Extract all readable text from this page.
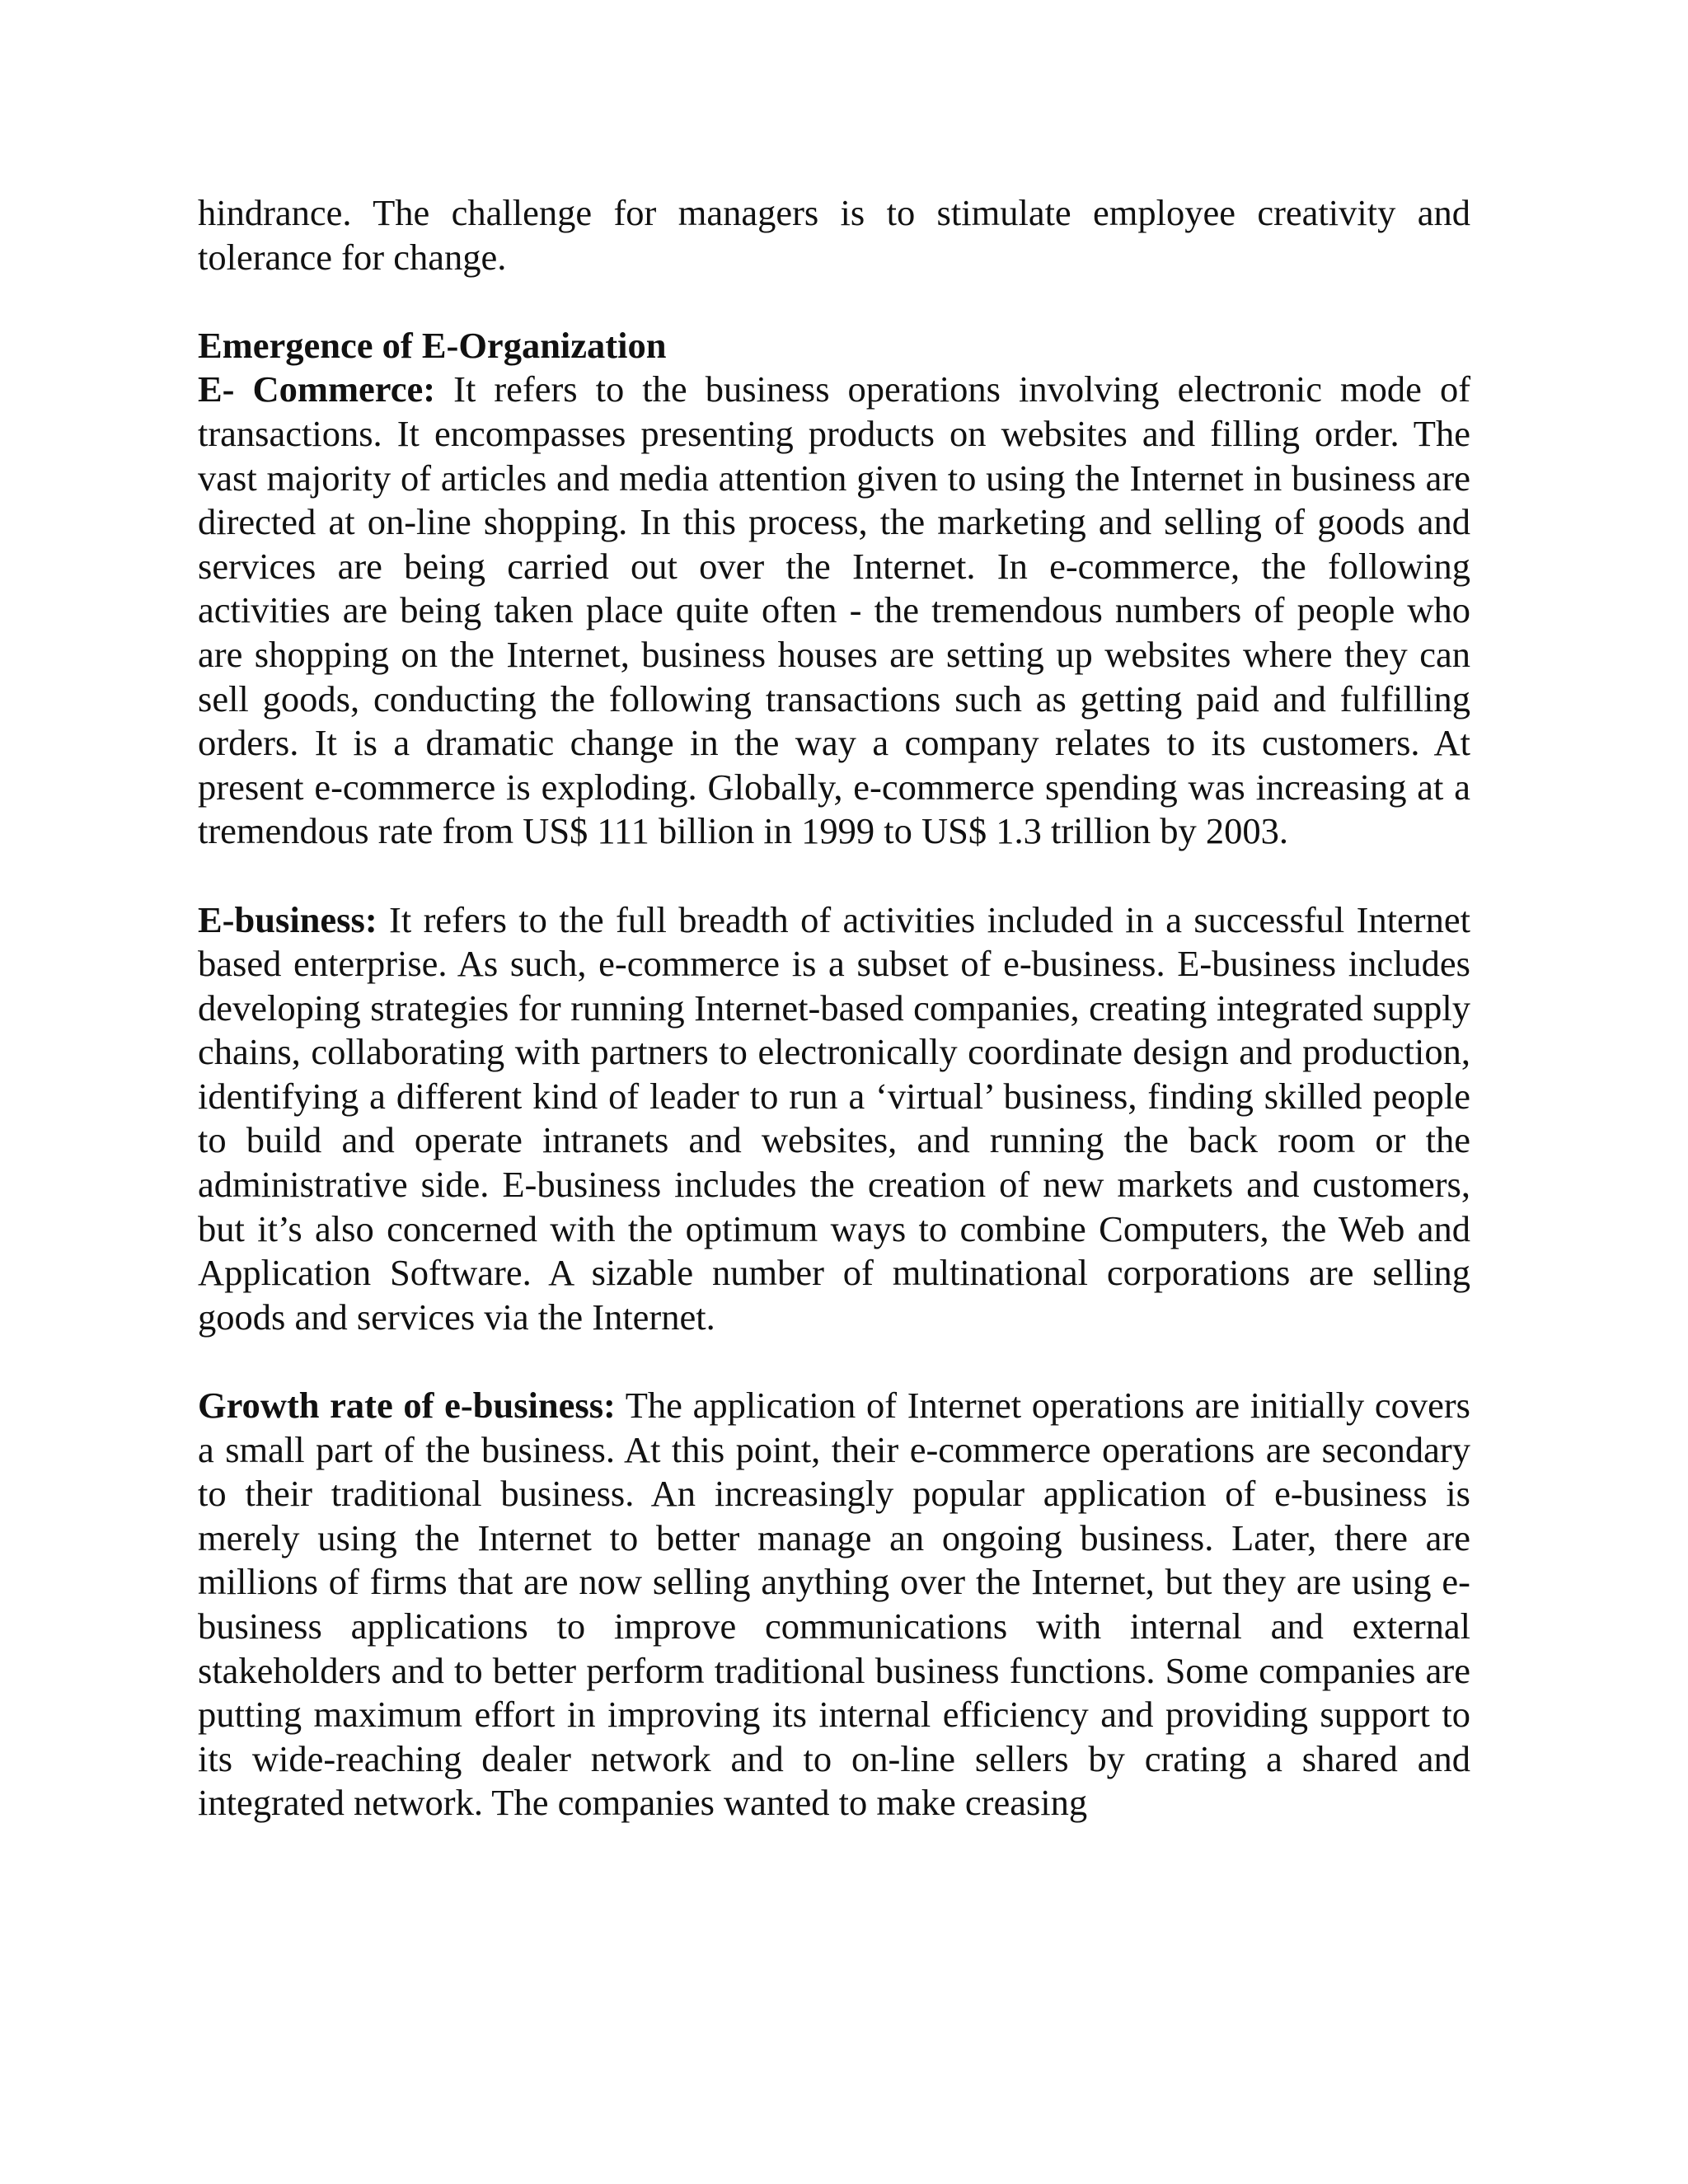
hindrance. The challenge for managers is to stimulate employee creativity and tolerance for change.

Emergence of E-Organization

E- Commerce: It refers to the business operations involving electronic mode of transactions. It encompasses presenting products on websites and filling order. The vast majority of articles and media attention given to using the Internet in business are directed at on-line shopping. In this process, the marketing and selling of goods and services are being carried out over the Internet. In e-commerce, the following activities are being taken place quite often - the tremendous numbers of people who are shopping on the Internet, business houses are setting up websites where they can sell goods, conducting the following transactions such as getting paid and fulfilling orders. It is a dramatic change in the way a company relates to its customers. At present e-commerce is exploding. Globally, e-commerce spending was increasing at a tremendous rate from US$ 111 billion in 1999 to US$ 1.3 trillion by 2003.

E-business: It refers to the full breadth of activities included in a successful Internet based enterprise. As such, e-commerce is a subset of e-business. E-business includes developing strategies for running Internet-based companies, creating integrated supply chains, collaborating with partners to electronically coordinate design and production, identifying a different kind of leader to run a ‘virtual’ business, finding skilled people to build and operate intranets and websites, and running the back room or the administrative side. E-business includes the creation of new markets and customers, but it’s also concerned with the optimum ways to combine Computers, the Web and Application Software. A sizable number of multinational corporations are selling goods and services via the Internet.

Growth rate of e-business: The application of Internet operations are initially covers a small part of the business. At this point, their e-commerce operations are secondary to their traditional business. An increasingly popular application of e-business is merely using the Internet to better manage an ongoing business. Later, there are millions of firms that are now selling anything over the Internet, but they are using e-business applications to improve communications with internal and external stakeholders and to better perform traditional business functions. Some companies are putting maximum effort in improving its internal efficiency and providing support to its wide-reaching dealer network and to on-line sellers by crating a shared and integrated network. The companies wanted to make creasing
